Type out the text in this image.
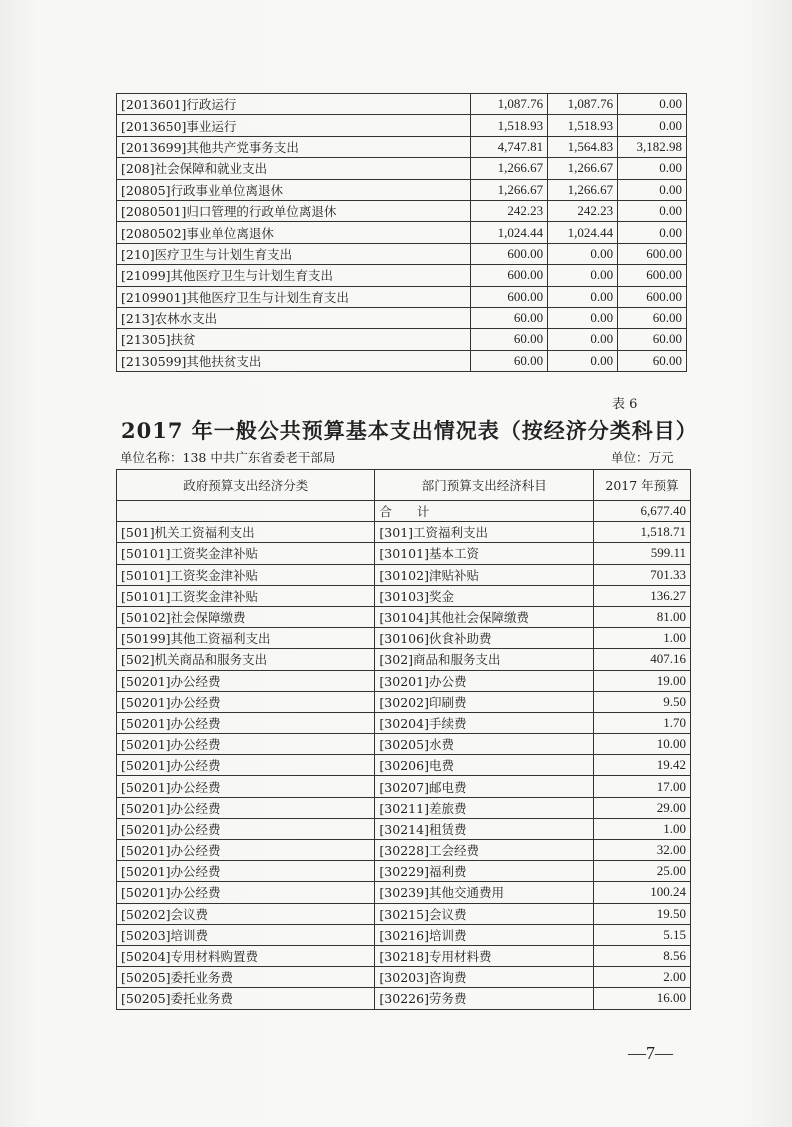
[2013601]行政运行	1,087.76	1,087.76	0.00
[2013650]事业运行	1,518.93	1,518.93	0.00
[2013699]其他共产党事务支出	4,747.81	1,564.83	3,182.98
[208]社会保障和就业支出	1,266.67	1,266.67	0.00
[20805]行政事业单位离退休	1,266.67	1,266.67	0.00
[2080501]归口管理的行政单位离退休	242.23	242.23	0.00
[2080502]事业单位离退休	1,024.44	1,024.44	0.00
[210]医疗卫生与计划生育支出	600.00	0.00	600.00
[21099]其他医疗卫生与计划生育支出	600.00	0.00	600.00
[2109901]其他医疗卫生与计划生育支出	600.00	0.00	600.00
[213]农林水支出	60.00	0.00	60.00
[21305]扶贫	60.00	0.00	60.00
[2130599]其他扶贫支出	60.00	0.00	60.00
表 6
2017 年一般公共预算基本支出情况表（按经济分类科目）
单位名称：138 中共广东省委老干部局	单位：万元
政府预算支出经济分类	部门预算支出经济科目	2017 年预算
	合　　计	6,677.40
[501]机关工资福利支出	[301]工资福利支出	1,518.71
[50101]工资奖金津补贴	[30101]基本工资	599.11
[50101]工资奖金津补贴	[30102]津贴补贴	701.33
[50101]工资奖金津补贴	[30103]奖金	136.27
[50102]社会保障缴费	[30104]其他社会保障缴费	81.00
[50199]其他工资福利支出	[30106]伙食补助费	1.00
[502]机关商品和服务支出	[302]商品和服务支出	407.16
[50201]办公经费	[30201]办公费	19.00
[50201]办公经费	[30202]印刷费	9.50
[50201]办公经费	[30204]手续费	1.70
[50201]办公经费	[30205]水费	10.00
[50201]办公经费	[30206]电费	19.42
[50201]办公经费	[30207]邮电费	17.00
[50201]办公经费	[30211]差旅费	29.00
[50201]办公经费	[30214]租赁费	1.00
[50201]办公经费	[30228]工会经费	32.00
[50201]办公经费	[30229]福利费	25.00
[50201]办公经费	[30239]其他交通费用	100.24
[50202]会议费	[30215]会议费	19.50
[50203]培训费	[30216]培训费	5.15
[50204]专用材料购置费	[30218]专用材料费	8.56
[50205]委托业务费	[30203]咨询费	2.00
[50205]委托业务费	[30226]劳务费	16.00
—7—
